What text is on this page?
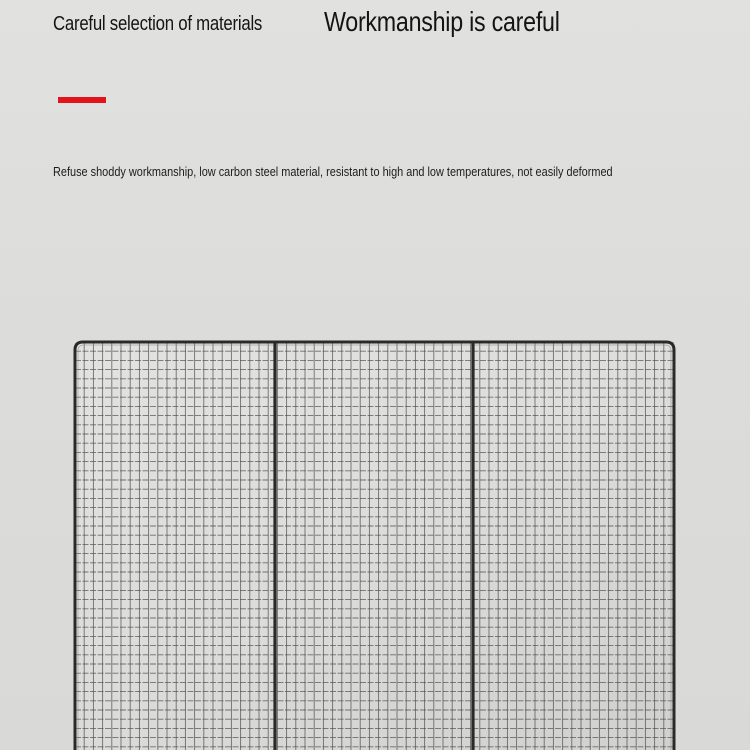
Careful selection of materials Workmanship is careful
Refuse shoddy workmanship, low carbon steel material, resistant to high and low temperatures, not easily deformed
